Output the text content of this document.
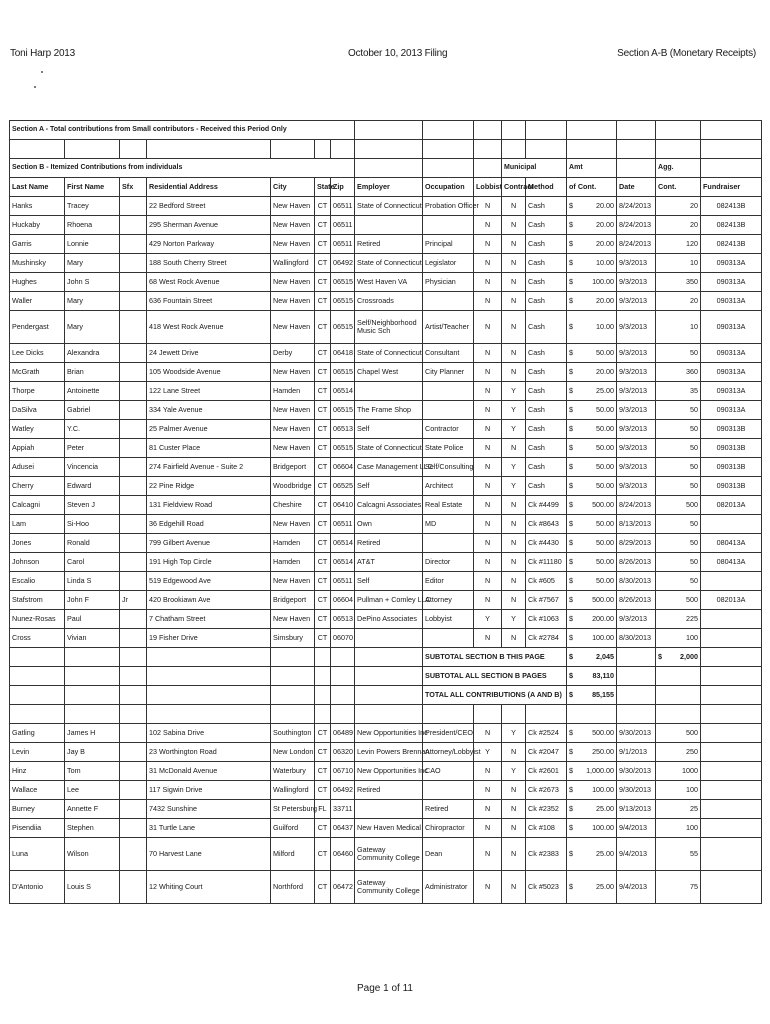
Toni Harp 2013	October 10, 2013 Filing	Section A-B (Monetary Receipts)
Section A - Total contributions from Small contributors - Received this Period Only															

Section B - Itemized Contributions from individuals										Municipal		Amt		Agg.	
Last Name	First Name	Sfx	Residential Address	City	State	Zip	Employer	Occupation	Lobbist	Contract	Method	of Cont.	Date	Cont.	Fundraiser
Hanks	Tracey		22 Bedford Street	New Haven	CT	06511	State of Connecticut	Probation Officer	N	N	Cash	$ 20.00	8/24/2013	20	082413B
Huckaby	Rhoena		295 Sherman Avenue	New Haven	CT	06511			N	N	Cash	$ 20.00	8/24/2013	20	082413B
Garris	Lonnie		429 Norton Parkway	New Haven	CT	06511	Retired	Principal	N	N	Cash	$ 20.00	8/24/2013	120	082413B
Mushinsky	Mary		188 South Cherry Street	Wallingford	CT	06492	State of Connecticut	Legislator	N	N	Cash	$ 10.00	9/3/2013	10	090313A
Hughes	John S		68 West Rock Avenue	New Haven	CT	06515	West Haven VA	Physician	N	N	Cash	$ 100.00	9/3/2013	350	090313A
Waller	Mary		636 Fountain Street	New Haven	CT	06515	Crossroads		N	N	Cash	$ 20.00	9/3/2013	20	090313A
Pendergast	Mary		418 West Rock Avenue	New Haven	CT	06515	Self/Neighborhood Music Sch	Artist/Teacher	N	N	Cash	$ 10.00	9/3/2013	10	090313A
Lee Dicks	Alexandra		24 Jewett Drive	Derby	CT	06418	State of Connecticut	Consultant	N	N	Cash	$ 50.00	9/3/2013	50	090313A
McGrath	Brian		105 Woodside Avenue	New Haven	CT	06515	Chapel West	City Planner	N	N	Cash	$ 20.00	9/3/2013	360	090313A
Thorpe	Antoinette		122 Lane Street	Hamden	CT	06514			N	Y	Cash	$ 25.00	9/3/2013	35	090313A
DaSilva	Gabriel		334 Yale Avenue	New Haven	CT	06515	The Frame Shop		N	Y	Cash	$ 50.00	9/3/2013	50	090313A
Watley	Y.C.		25 Palmer Avenue	New Haven	CT	06513	Self	Contractor	N	Y	Cash	$ 50.00	9/3/2013	50	090313B
Appiah	Peter		81 Custer Place	New Haven	CT	06515	State of Connecticut	State Police	N	N	Cash	$ 50.00	9/3/2013	50	090313B
Adusei	Vincencia		274 Fairfield Avenue - Suite 2	Bridgeport	CT	06604	Case Management LLC	Self/Consulting	N	Y	Cash	$ 50.00	9/3/2013	50	090313B
Cherry	Edward		22 Pine Ridge	Woodbridge	CT	06525	Self	Architect	N	Y	Cash	$ 50.00	9/3/2013	50	090313B
Calcagni	Steven J		131 Fieldview Road	Cheshire	CT	06410	Calcagni Associates	Real Estate	N	N	Ck #4499	$ 500.00	8/24/2013	500	082013A
Lam	Si-Hoo		36 Edgehill Road	New Haven	CT	06511	Own	MD	N	N	Ck #8643	$ 50.00	8/13/2013	50	
Jones	Ronald		799 Gilbert Avenue	Hamden	CT	06514	Retired		N	N	Ck #4430	$ 50.00	8/29/2013	50	080413A
Johnson	Carol		191 High Top Circle	Hamden	CT	06514	AT&T	Director	N	N	Ck #11180	$ 50.00	8/26/2013	50	080413A
Escalio	Linda S		519 Edgewood Ave	New Haven	CT	06511	Self	Editor	N	N	Ck #605	$ 50.00	8/30/2013	50	
Stafstrom	John F	Jr	420 Brookiawn Ave	Bridgeport	CT	06604	Pullman + Comley LLC	Attorney	N	N	Ck #7567	$ 500.00	8/26/2013	500	082013A
Nunez-Rosas	Paul		7 Chatham Street	New Haven	CT	06513	DePino Associates	Lobbyist	Y	Y	Ck #1063	$ 200.00	9/3/2013	225	
Cross	Vivian		19 Fisher Drive	Simsbury	CT	06070			N	N	Ck #2784	$ 100.00	8/30/2013	100	
								SUBTOTAL SECTION B THIS PAGE				$ 2,045		$ 2,000	

								SUBTOTAL ALL SECTION B PAGES				$ 83,110			

								TOTAL ALL CONTRIBUTIONS (A AND B)				$ 85,155			

Gatling	James H		102 Sabina Drive	Southington	CT	06489	New Opportunities Inc	President/CEO	N	Y	Ck #2524	$ 500.00	9/30/2013	500	
Levin	Jay B		23 Worthington Road	New London	CT	06320	Levin Powers Brennan	Attorney/Lobbyist	Y	N	Ck #2047	$ 250.00	9/1/2013	250	
Hinz	Tom		31 McDonald Avenue	Waterbury	CT	06710	New Opportunities Inc	CAO	N	Y	Ck #2601	$ 1,000.00	9/30/2013	1000	
Wallace	Lee		117 Sigwin Drive	Wallingford	CT	06492	Retired		N	N	Ck #2673	$ 100.00	9/30/2013	100	
Burney	Annette F		7432 Sunshine	St Petersburg	FL	33711		Retired	N	N	Ck #2352	$ 25.00	9/13/2013	25	
Pisendiia	Stephen		31 Turtle Lane	Guilford	CT	06437	New Haven Medical	Chiropractor	N	N	Ck #108	$ 100.00	9/4/2013	100	
Luna	Wilson		70 Harvest Lane	Milford	CT	06460	Gateway Community College	Dean	N	N	Ck #2383	$ 25.00	9/4/2013	55	
D'Antonio	Louis S		12 Whiting Court	Northford	CT	06472	Gateway Community College	Administrator	N	N	Ck #5023	$ 25.00	9/4/2013	75	
Page 1 of 11
